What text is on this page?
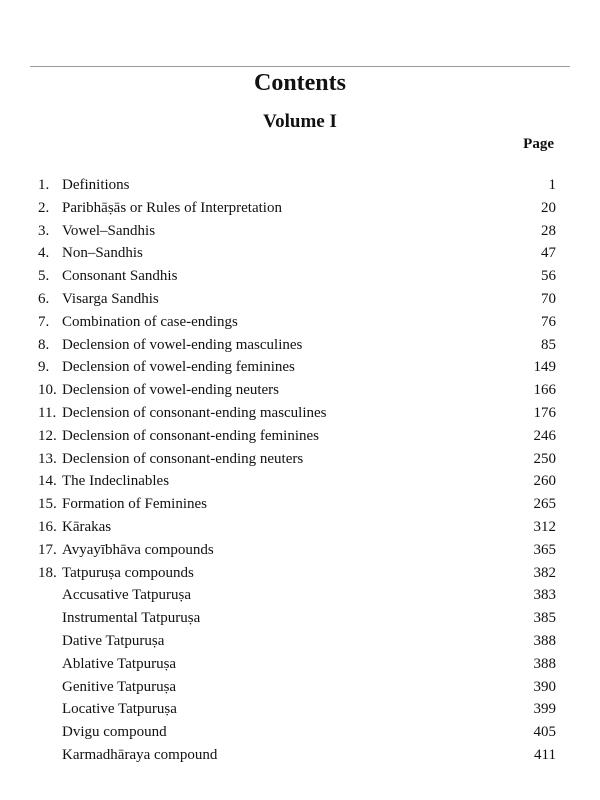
Contents
Volume I
Page
1. Definitions	1
2. Paribhāṣās or Rules of Interpretation	20
3. Vowel–Sandhis	28
4. Non–Sandhis	47
5. Consonant Sandhis	56
6. Visarga Sandhis	70
7. Combination of case-endings	76
8. Declension of vowel-ending masculines	85
9. Declension of vowel-ending feminines	149
10. Declension of vowel-ending neuters	166
11. Declension of consonant-ending masculines	176
12. Declension of consonant-ending feminines	246
13. Declension of consonant-ending neuters	250
14. The Indeclinables	260
15. Formation of Feminines	265
16. Kārakas	312
17. Avyayībhāva compounds	365
18. Tatpuruṣa compounds	382
Accusative Tatpuruṣa	383
Instrumental Tatpuruṣa	385
Dative Tatpuruṣa	388
Ablative Tatpuruṣa	388
Genitive Tatpuruṣa	390
Locative Tatpuruṣa	399
Dvigu compound	405
Karmadhāraya compound	411
